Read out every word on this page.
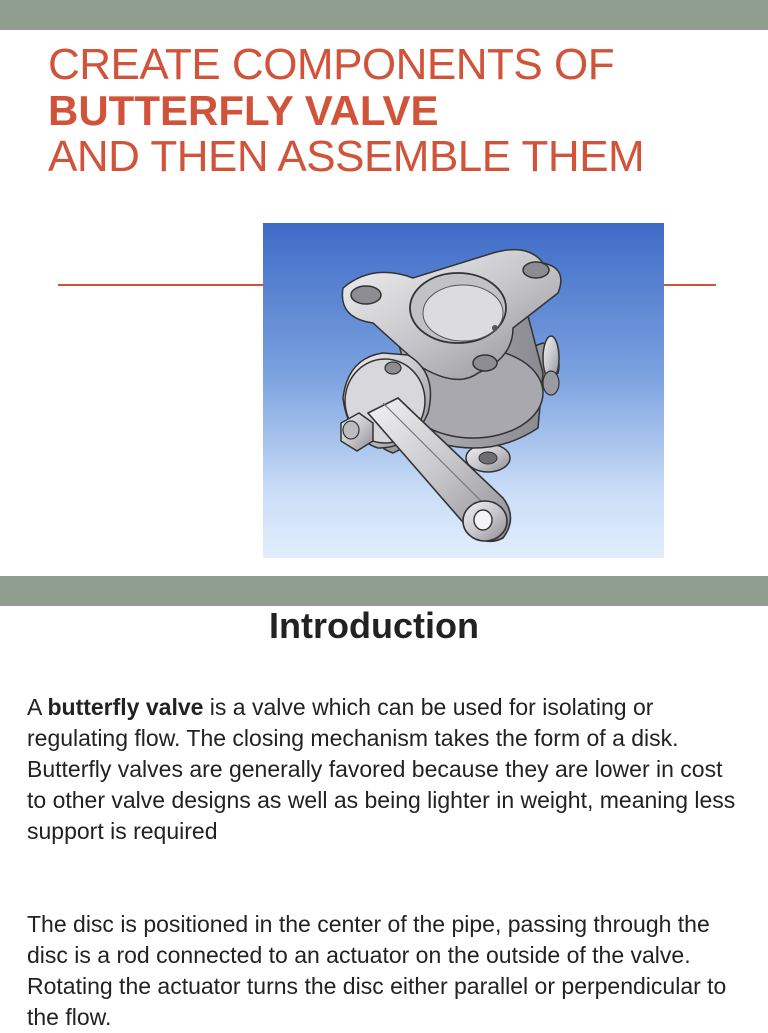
CREATE COMPONENTS OF
BUTTERFLY VALVE
AND THEN ASSEMBLE THEM
Introduction

A butterfly valve is a valve which can be used for isolating or regulating flow. The closing mechanism takes the form of a disk.
Butterfly valves are generally favored because they are lower in cost to other valve designs as well as being lighter in weight, meaning less support is required

The disc is positioned in the center of the pipe, passing through the disc is a rod connected to an actuator on the outside of the valve. Rotating the actuator turns the disc either parallel or perpendicular to the flow.
